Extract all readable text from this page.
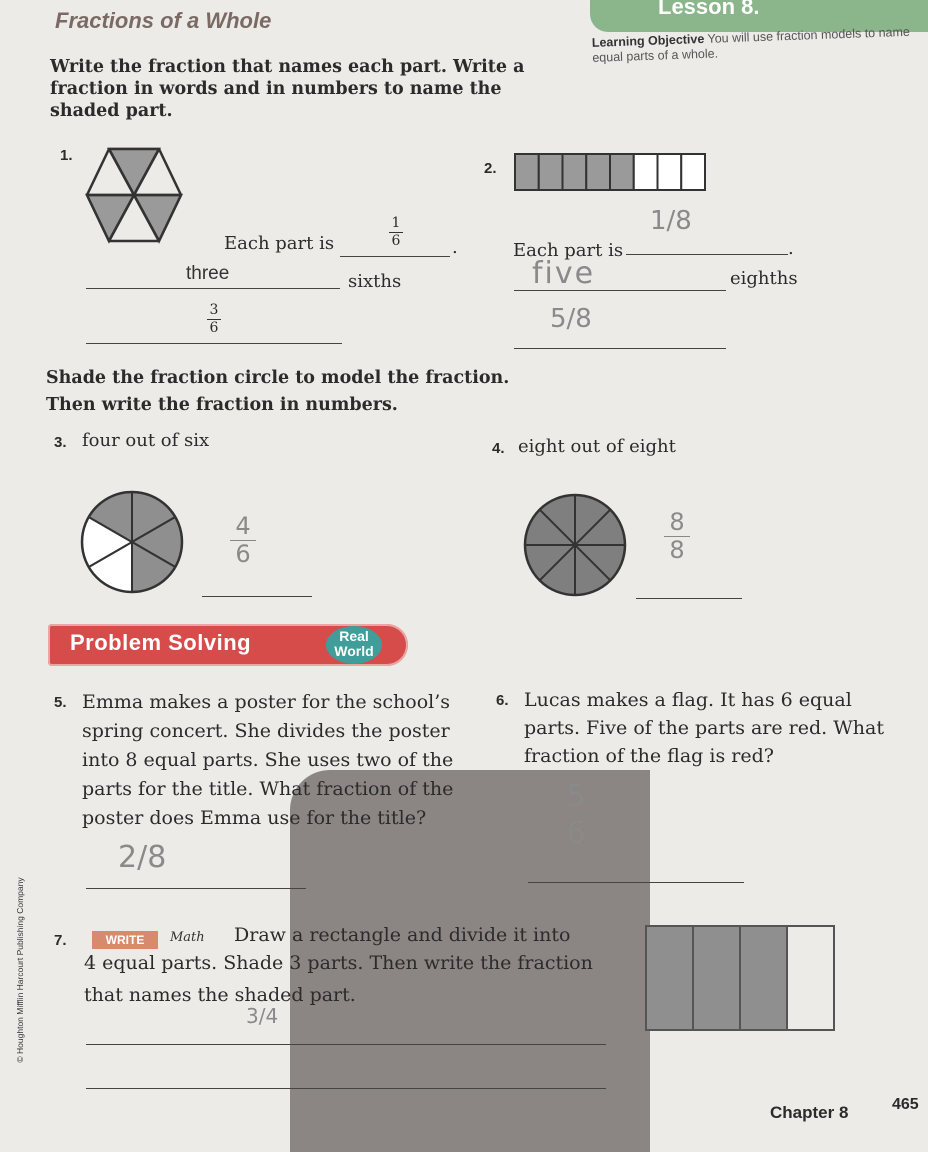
Lesson 8.
Fractions of a Whole
Learning Objective You will use fraction models to name equal parts of a whole.
Write the fraction that names each part. Write a fraction in words and in numbers to name the shaded part.
1.
Each part is
1
6	.
three	sixths
3
6
2.
Each part is
1/8
.
five	eighths
5/8
Shade the fraction circle to model the fraction.
Then write the fraction in numbers.
3. four out of six
4
6
4. eight out of eight
8
8
Problem Solving	Real
World
5. Emma makes a poster for the school’s
spring concert. She divides the poster
into 8 equal parts. She uses two of the
parts for the title. What fraction of the
poster does Emma use for the title?
2/8
6. Lucas makes a flag. It has 6 equal
parts. Five of the parts are red. What
fraction of the flag is red?
5
6
7.	WRITE	Math Draw a rectangle and divide it into
4 equal parts. Shade 3 parts. Then write the fraction
that names the shaded part.
3/4
© Houghton Mifflin Harcourt Publishing Company
Chapter 8	465
